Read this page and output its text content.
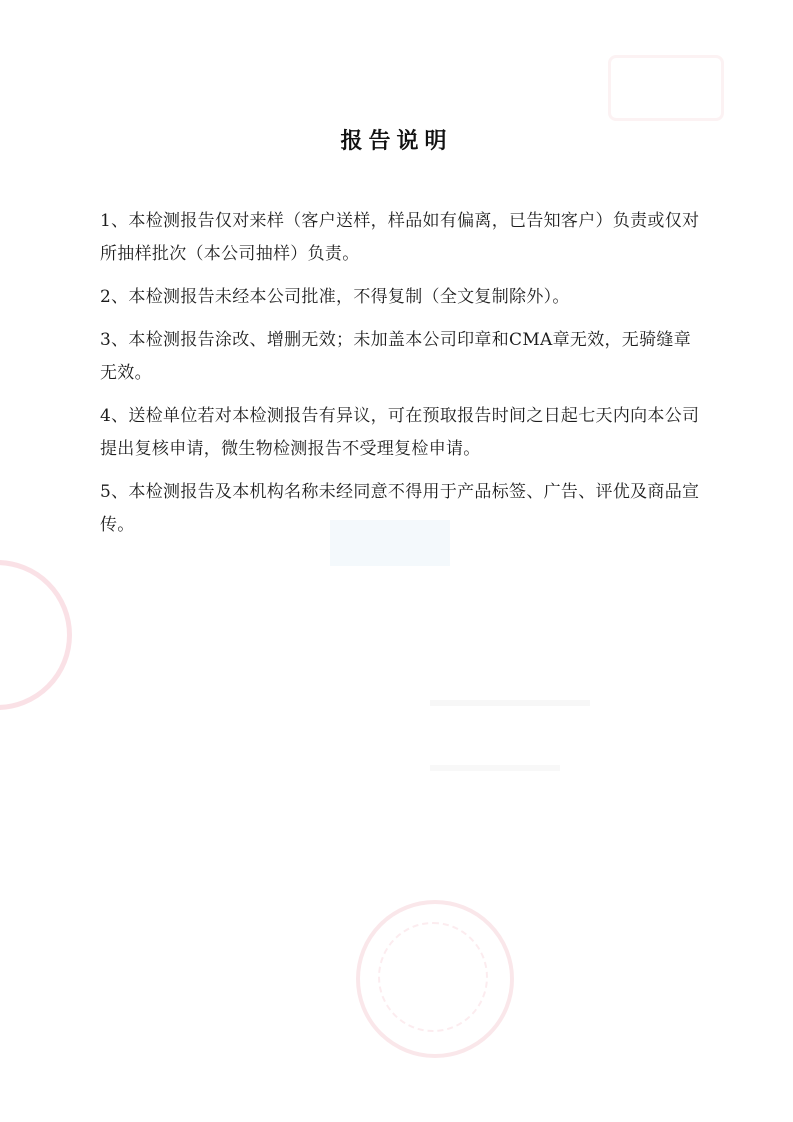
报告说明

1、本检测报告仅对来样（客户送样，样品如有偏离，已告知客户）负责或仅对所抽样批次（本公司抽样）负责。

2、本检测报告未经本公司批准，不得复制（全文复制除外）。

3、本检测报告涂改、增删无效；未加盖本公司印章和CMA章无效，无骑缝章无效。

4、送检单位若对本检测报告有异议，可在预取报告时间之日起七天内向本公司提出复核申请，微生物检测报告不受理复检申请。

5、本检测报告及本机构名称未经同意不得用于产品标签、广告、评优及商品宣传。
